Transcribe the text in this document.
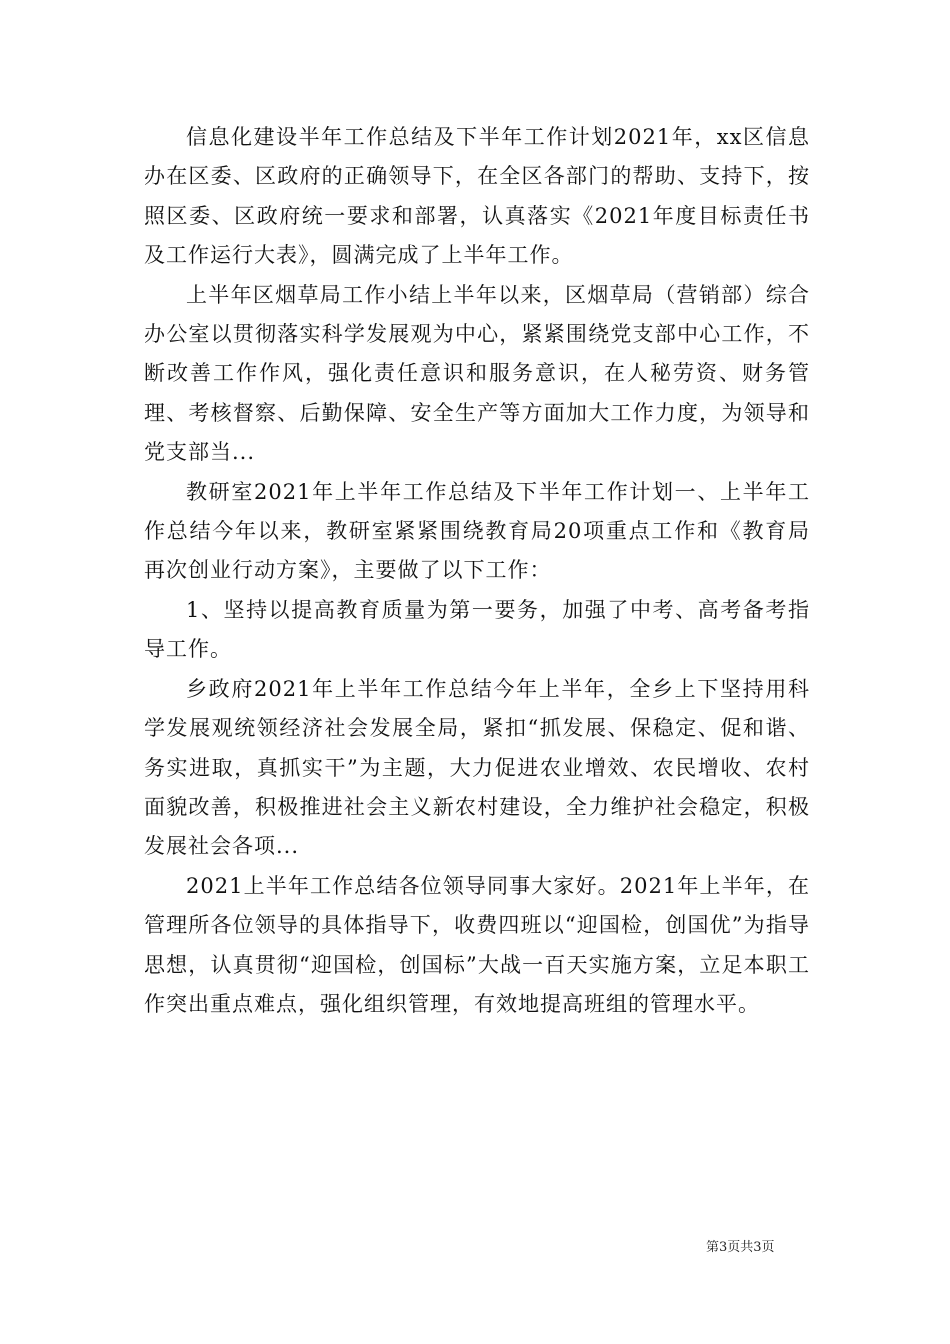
信息化建设半年工作总结及下半年工作计划2021年，xx区信息办在区委、区政府的正确领导下，在全区各部门的帮助、支持下，按照区委、区政府统一要求和部署，认真落实《2021年度目标责任书及工作运行大表》，圆满完成了上半年工作。

上半年区烟草局工作小结上半年以来，区烟草局（营销部）综合办公室以贯彻落实科学发展观为中心，紧紧围绕党支部中心工作，不断改善工作作风，强化责任意识和服务意识，在人秘劳资、财务管理、考核督察、后勤保障、安全生产等方面加大工作力度，为领导和党支部当...

教研室2021年上半年工作总结及下半年工作计划一、上半年工作总结今年以来，教研室紧紧围绕教育局20项重点工作和《教育局再次创业行动方案》，主要做了以下工作：

1、坚持以提高教育质量为第一要务，加强了中考、高考备考指导工作。

乡政府2021年上半年工作总结今年上半年，全乡上下坚持用科学发展观统领经济社会发展全局，紧扣“抓发展、保稳定、促和谐、务实进取，真抓实干”为主题，大力促进农业增效、农民增收、农村面貌改善，积极推进社会主义新农村建设，全力维护社会稳定，积极发展社会各项...

2021上半年工作总结各位领导同事大家好。2021年上半年，在管理所各位领导的具体指导下，收费四班以“迎国检，创国优”为指导思想，认真贯彻“迎国检，创国标”大战一百天实施方案，立足本职工作突出重点难点，强化组织管理，有效地提高班组的管理水平。

第3页共3页
